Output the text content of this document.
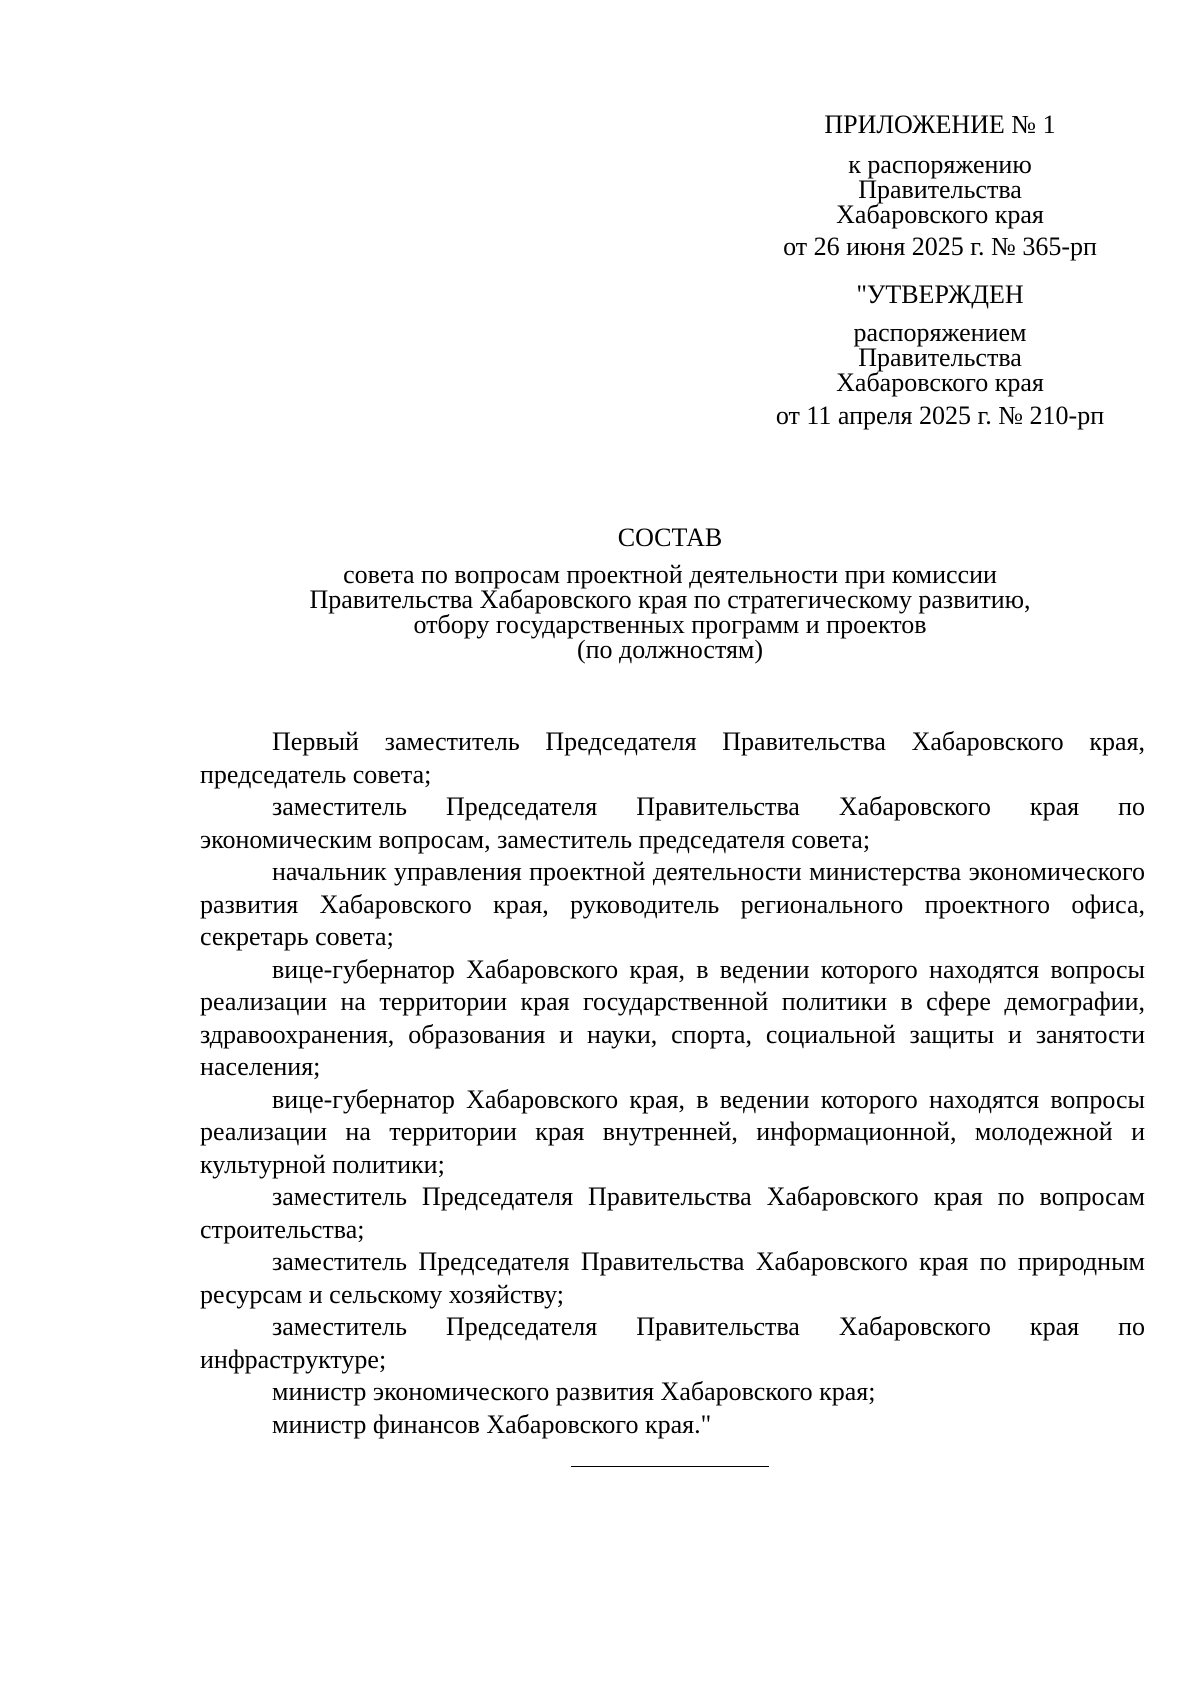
ПРИЛОЖЕНИЕ № 1
к распоряжению
Правительства
Хабаровского края
от 26 июня 2025 г. № 365-рп
"УТВЕРЖДЕН
распоряжением
Правительства
Хабаровского края
от 11 апреля 2025 г. № 210-рп
СОСТАВ
совета по вопросам проектной деятельности при комиссии
Правительства Хабаровского края по стратегическому развитию,
отбору государственных программ и проектов
(по должностям)

Первый заместитель Председателя Правительства Хабаровского края, председатель совета;

заместитель Председателя Правительства Хабаровского края по экономическим вопросам, заместитель председателя совета;

начальник управления проектной деятельности министерства экономического развития Хабаровского края, руководитель регионального проектного офиса, секретарь совета;

вице-губернатор Хабаровского края, в ведении которого находятся вопросы реализации на территории края государственной политики в сфере демографии, здравоохранения, образования и науки, спорта, социальной защиты и занятости населения;

вице-губернатор Хабаровского края, в ведении которого находятся вопросы реализации на территории края внутренней, информационной, молодежной и культурной политики;

заместитель Председателя Правительства Хабаровского края по вопросам строительства;

заместитель Председателя Правительства Хабаровского края по природным ресурсам и сельскому хозяйству;

заместитель Председателя Правительства Хабаровского края по инфраструктуре;

министр экономического развития Хабаровского края;

министр финансов Хабаровского края."
